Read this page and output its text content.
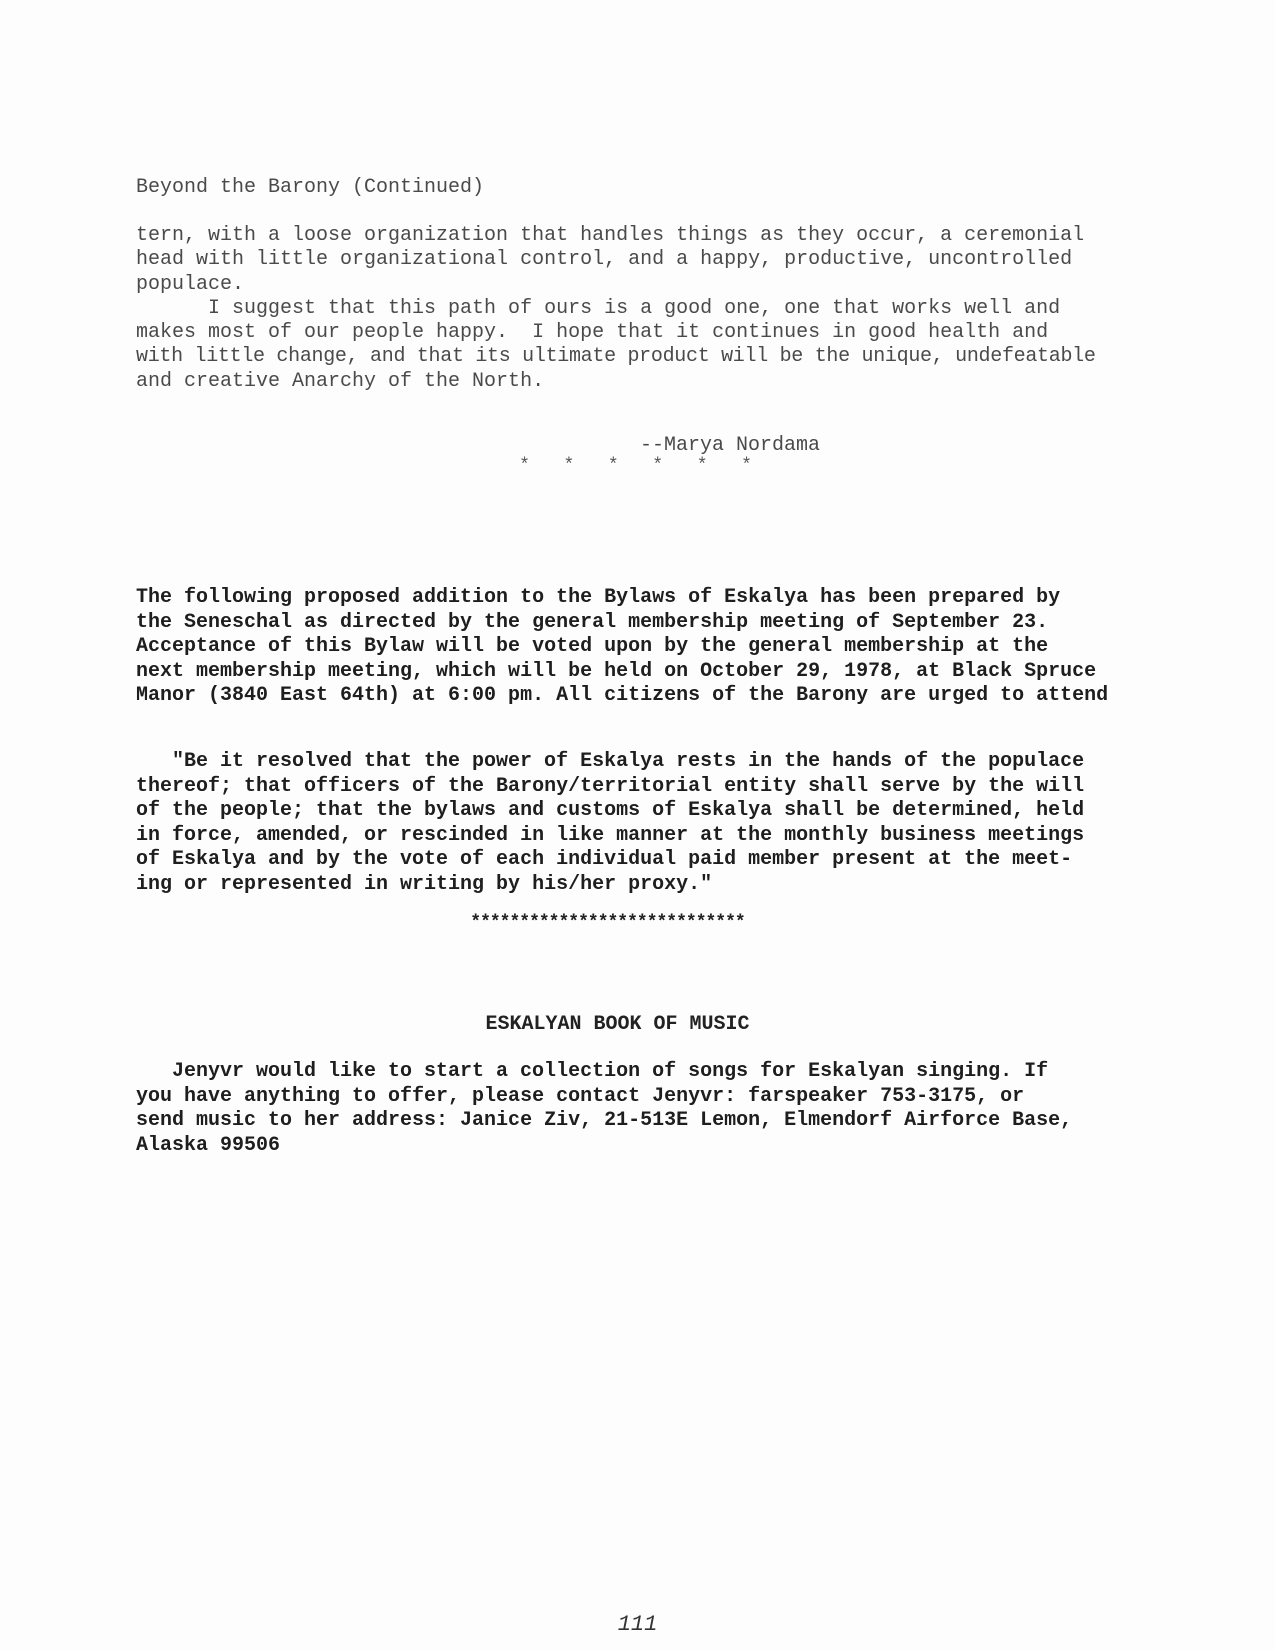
Beyond the Barony (Continued)

tern, with a loose organization that handles things as they occur, a ceremonial
head with little organizational control, and a happy, productive, uncontrolled
populace.
I suggest that this path of ours is a good one, one that works well and
makes most of our people happy.  I hope that it continues in good health and
with little change, and that its ultimate product will be the unique, undefeatable
and creative Anarchy of the North.

--Marya Nordama

*  *  *  *  *  *

The following proposed addition to the Bylaws of Eskalya has been prepared by
the Seneschal as directed by the general membership meeting of September 23.
Acceptance of this Bylaw will be voted upon by the general membership at the
next membership meeting, which will be held on October 29, 1978, at Black Spruce
Manor (3840 East 64th) at 6:00 pm. All citizens of the Barony are urged to attend
"Be it resolved that the power of Eskalya rests in the hands of the populace
thereof; that officers of the Barony/territorial entity shall serve by the will
of the people; that the bylaws and customs of Eskalya shall be determined, held
in force, amended, or rescinded in like manner at the monthly business meetings
of Eskalya and by the vote of each individual paid member present at the meet-
ing or represented in writing by his/her proxy."

****************************

ESKALYAN BOOK OF MUSIC

Jenyvr would like to start a collection of songs for Eskalyan singing. If
you have anything to offer, please contact Jenyvr: farspeaker 753-3175, or
send music to her address: Janice Ziv, 21-513E Lemon, Elmendorf Airforce Base,
Alaska 99506

111
